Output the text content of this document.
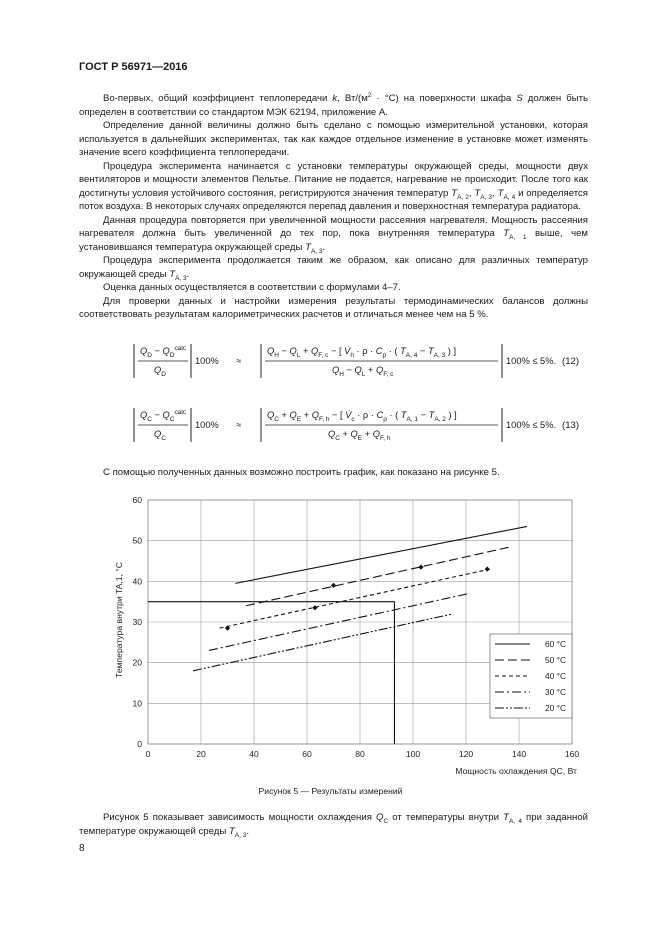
ГОСТ Р 56971—2016

Во-первых, общий коэффициент теплопередачи k, $Вт/(м^2 \cdot ^\circ С)$ на поверхности шкафа S должен быть определен в соответствии со стандартом МЭК 62194, приложение А.

Определение данной величины должно быть сделано с помощью измерительной установки, которая используется в дальнейших экспериментах, так как каждое отдельное изменение в установке может изменять значение всего коэффициента теплопередачи.

Процедура эксперимента начинается с установки температуры окружающей среды, мощности двух вентиляторов и мощности элементов Пельтье. Питание не подается, нагревание не происходит. После того как достигнуты условия устойчивого состояния, регистрируются значения температур $T_{A, 2}$, $T_{A, 3}$, $T_{A, 4}$ и определяется поток воздуха. В некоторых случаях определяются перепад давления и поверхностная температура радиатора.

Данная процедура повторяется при увеличенной мощности рассеяния нагревателя. Мощность рассеяния нагревателя должна быть увеличенной до тех пор, пока внутренняя температура $T_{A, 1}$ выше, чем установившаяся температура окружающей среды $T_{A, 3}$.

Процедура эксперимента продолжается таким же образом, как описано для различных температур окружающей среды $T_{A, 3}$.

Оценка данных осуществляется в соответствии с формулами 4–7.

Для проверки данных и настройки измерения результаты термодинамических балансов должны соответствовать результатам калориметрических расчетов и отличаться менее чем на 5 %.

$Q_D - Q_D^{calc}$
$Q_D$
100% ≈
$Q_H - Q_L + Q_{F, c}$ − [ $V̇_h \cdot \rho \cdot C_p$ · ( $T_{A, 4} - T_{A, 3}$ ) ]
$Q_H - Q_L + Q_{F, c}$
100% ≤ 5%. (12)
$Q_C - Q_C^{calc}$
$Q_C$
100% ≈
$Q_C + Q_E + Q_{F, h}$ − [ $V̇_c \cdot \rho \cdot C_p$ · ( $T_{A, 1} - T_{A, 2}$ ) ]
$Q_C + Q_E + Q_{F, h}$
100% ≤ 5%. (13)

С помощью полученных данных возможно построить график, как показано на рисунке 5.

0	20	40	60	80	100	120	140	160
0
10
20
30
40
50
60
60 °C
50 °C
40 °C
30 °C
20 °C
Температура внутри TA,1, °С
Мощность охлаждения QC, Вт
Рисунок 5 — Результаты измерений

Рисунок 5 показывает зависимость мощности охлаждения $Q_C$ от температуры внутри $T_{A, 4}$ при заданной температуре окружающей среды $T_{A, 3}$.

8
